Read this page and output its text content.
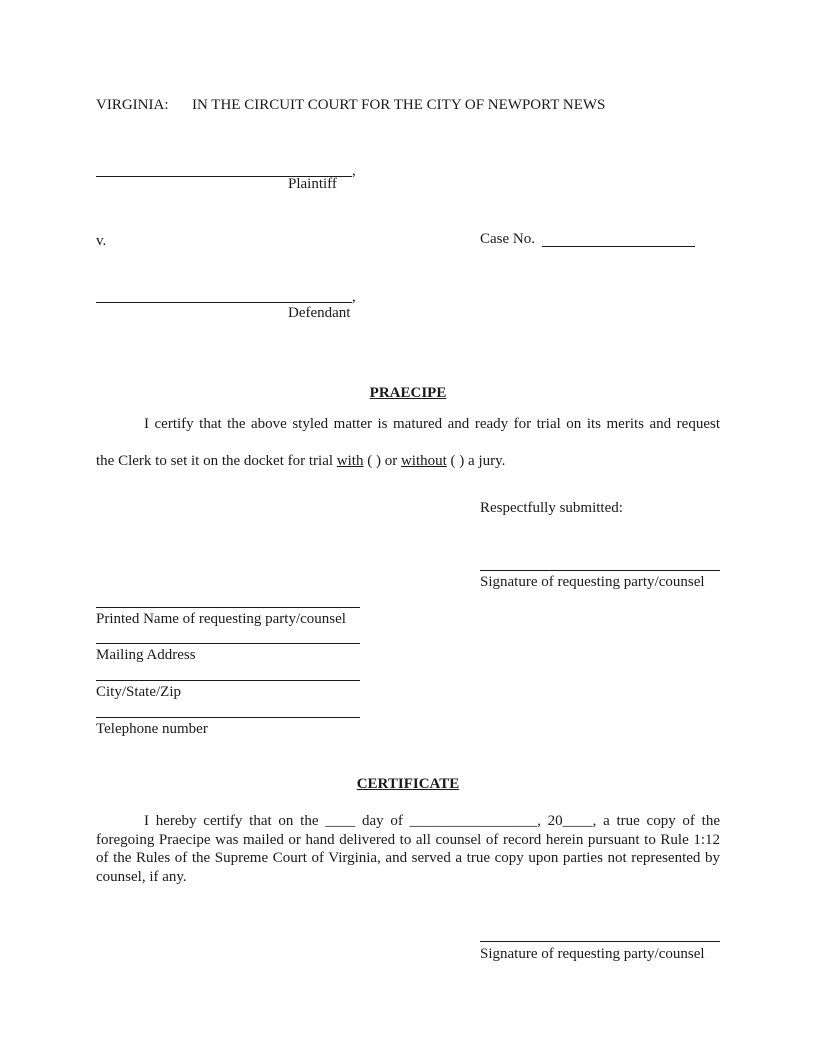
VIRGINIA: IN THE CIRCUIT COURT FOR THE CITY OF NEWPORT NEWS
,
Plaintiff
v.	Case No.
,
Defendant
PRAECIPE
I certify that the above styled matter is matured and ready for trial on its merits and request
the Clerk to set it on the docket for trial with ( ) or without ( ) a jury.
Respectfully submitted:
Signature of requesting party/counsel
Printed Name of requesting party/counsel
Mailing Address
City/State/Zip
Telephone number
CERTIFICATE
I hereby certify that on the ____ day of _________________, 20____, a true copy of the foregoing Praecipe was mailed or hand delivered to all counsel of record herein pursuant to Rule 1:12 of the Rules of the Supreme Court of Virginia, and served a true copy upon parties not represented by counsel, if any.
Signature of requesting party/counsel
